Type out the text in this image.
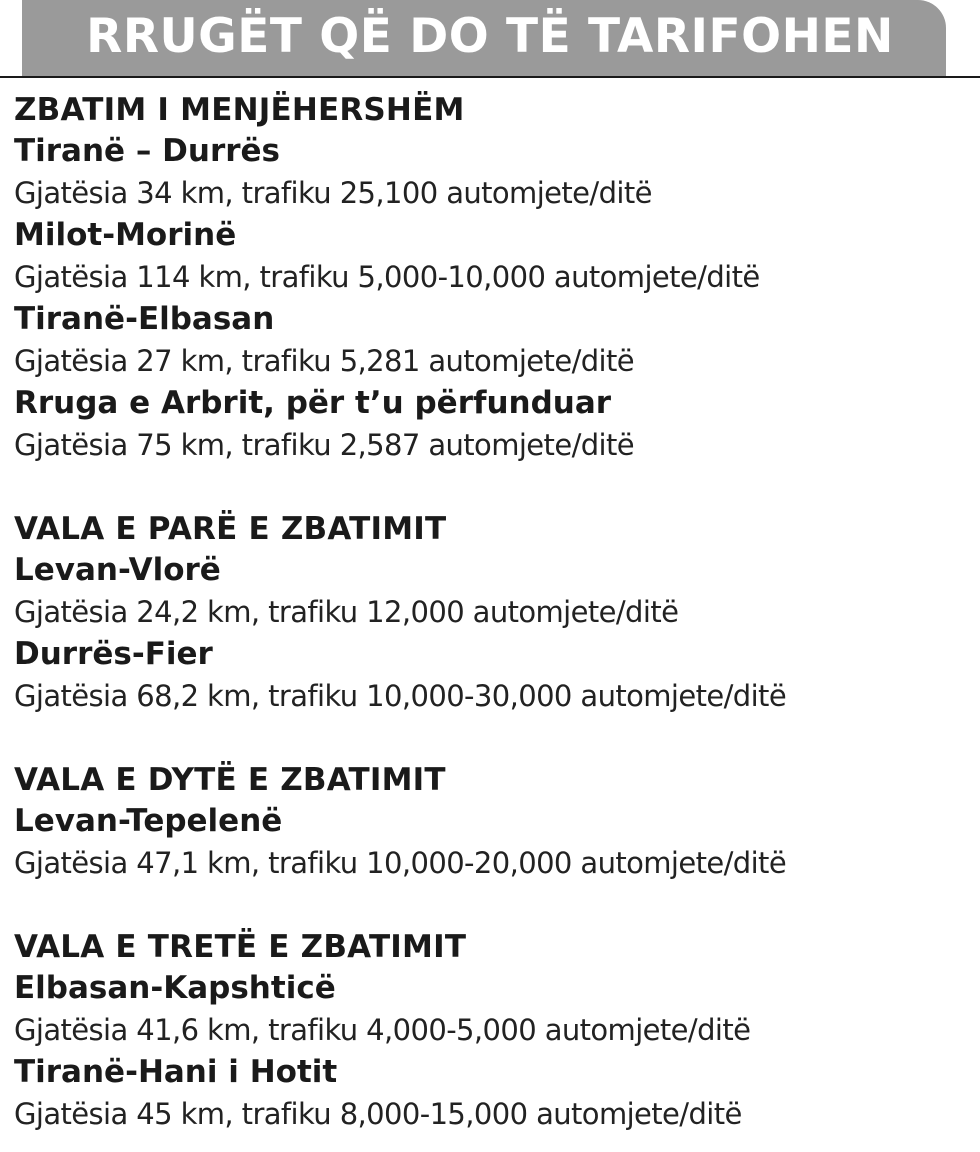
RRUGËT QË DO TË TARIFOHEN
ZBATIM I MENJËHERSHËM
Tiranë – Durrës
Gjatësia 34 km, trafiku 25,100 automjete/ditë
Milot-Morinë
Gjatësia 114 km, trafiku 5,000-10,000 automjete/ditë
Tiranë-Elbasan
Gjatësia 27 km, trafiku 5,281 automjete/ditë
Rruga e Arbrit, për t’u përfunduar
Gjatësia 75 km, trafiku 2,587 automjete/ditë
VALA E PARË E ZBATIMIT
Levan-Vlorë
Gjatësia 24,2 km, trafiku 12,000 automjete/ditë
Durrës-Fier
Gjatësia 68,2 km, trafiku 10,000-30,000 automjete/ditë
VALA E DYTË E ZBATIMIT
Levan-Tepelenë
Gjatësia 47,1 km, trafiku 10,000-20,000 automjete/ditë
VALA E TRETË E ZBATIMIT
Elbasan-Kapshticë
Gjatësia 41,6 km, trafiku 4,000-5,000 automjete/ditë
Tiranë-Hani i Hotit
Gjatësia 45 km, trafiku 8,000-15,000 automjete/ditë
